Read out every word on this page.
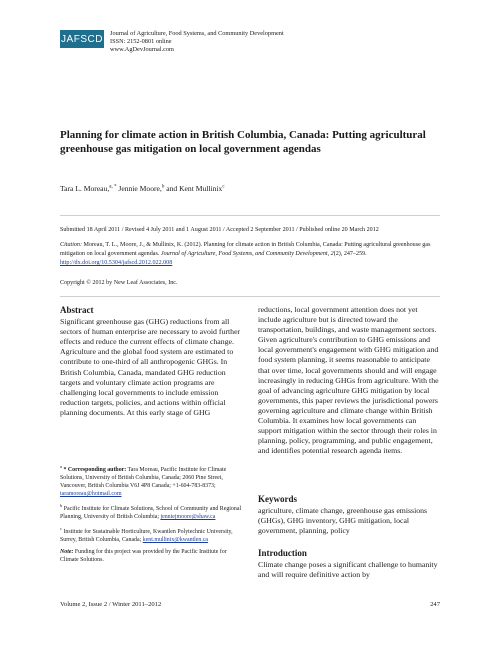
JAFSCD Journal of Agriculture, Food Systems, and Community Development
ISSN: 2152-0801 online
www.AgDevJournal.com
Planning for climate action in British Columbia, Canada: Putting agricultural greenhouse gas mitigation on local government agendas
Tara L. Moreau,$^{a, *}$ Jennie Moore,$^b$ and Kent Mullinix$^c$
Submitted 18 April 2011 / Revised 4 July 2011 and 1 August 2011 / Accepted 2 September 2011 / Published online 20 March 2012
Citation: Moreau, T. L., Moore, J., & Mullinix, K. (2012). Planning for climate action in British Columbia, Canada: Putting agricultural greenhouse gas mitigation on local government agendas. Journal of Agriculture, Food Systems, and Community Development, 2(2), 247–259. http://dx.doi.org/10.5304/jafscd.2012.022.008
Copyright © 2012 by New Leaf Associates, Inc.
Abstract

Significant greenhouse gas (GHG) reductions from all sectors of human enterprise are necessary to avoid further effects and reduce the current effects of climate change. Agriculture and the global food system are estimated to contribute to one-third of all anthropogenic GHGs. In British Columbia, Canada, mandated GHG reduction targets and voluntary climate action programs are challenging local governments to include emission reduction targets, policies, and actions within official planning documents. At this early stage of GHG

$^a$ * Corresponding author: Tara Moreau, Pacific Institute for Climate Solutions, University of British Columbia, Canada; 2060 Pine Street, Vancouver, British Columbia V6J 4P8 Canada; +1-604-783-8373; taramoreau@hotmail.com

$^b$ Pacific Institute for Climate Solutions, School of Community and Regional Planning, University of British Columbia; jenniejmoore@shaw.ca

$^c$ Institute for Sustainable Horticulture, Kwantlen Polytechnic University, Surrey, British Columbia, Canada; kent.mullinix@kwantlen.ca

Note: Funding for this project was provided by the Pacific Institute for Climate Solutions.

reductions, local government attention does not yet include agriculture but is directed toward the transportation, buildings, and waste management sectors. Given agriculture's contribution to GHG emissions and local government's engagement with GHG mitigation and food system planning, it seems reasonable to anticipate that over time, local governments should and will engage increasingly in reducing GHGs from agriculture. With the goal of advancing agriculture GHG mitigation by local governments, this paper reviews the jurisdictional powers governing agriculture and climate change within British Columbia. It examines how local governments can support mitigation within the sector through their roles in planning, policy, programming, and public engagement, and identifies potential research agenda items.

Keywords

agriculture, climate change, greenhouse gas emissions (GHGs), GHG inventory, GHG mitigation, local government, planning, policy

Introduction

Climate change poses a significant challenge to humanity and will require definitive action by

Volume 2, Issue 2 / Winter 2011–2012	247
